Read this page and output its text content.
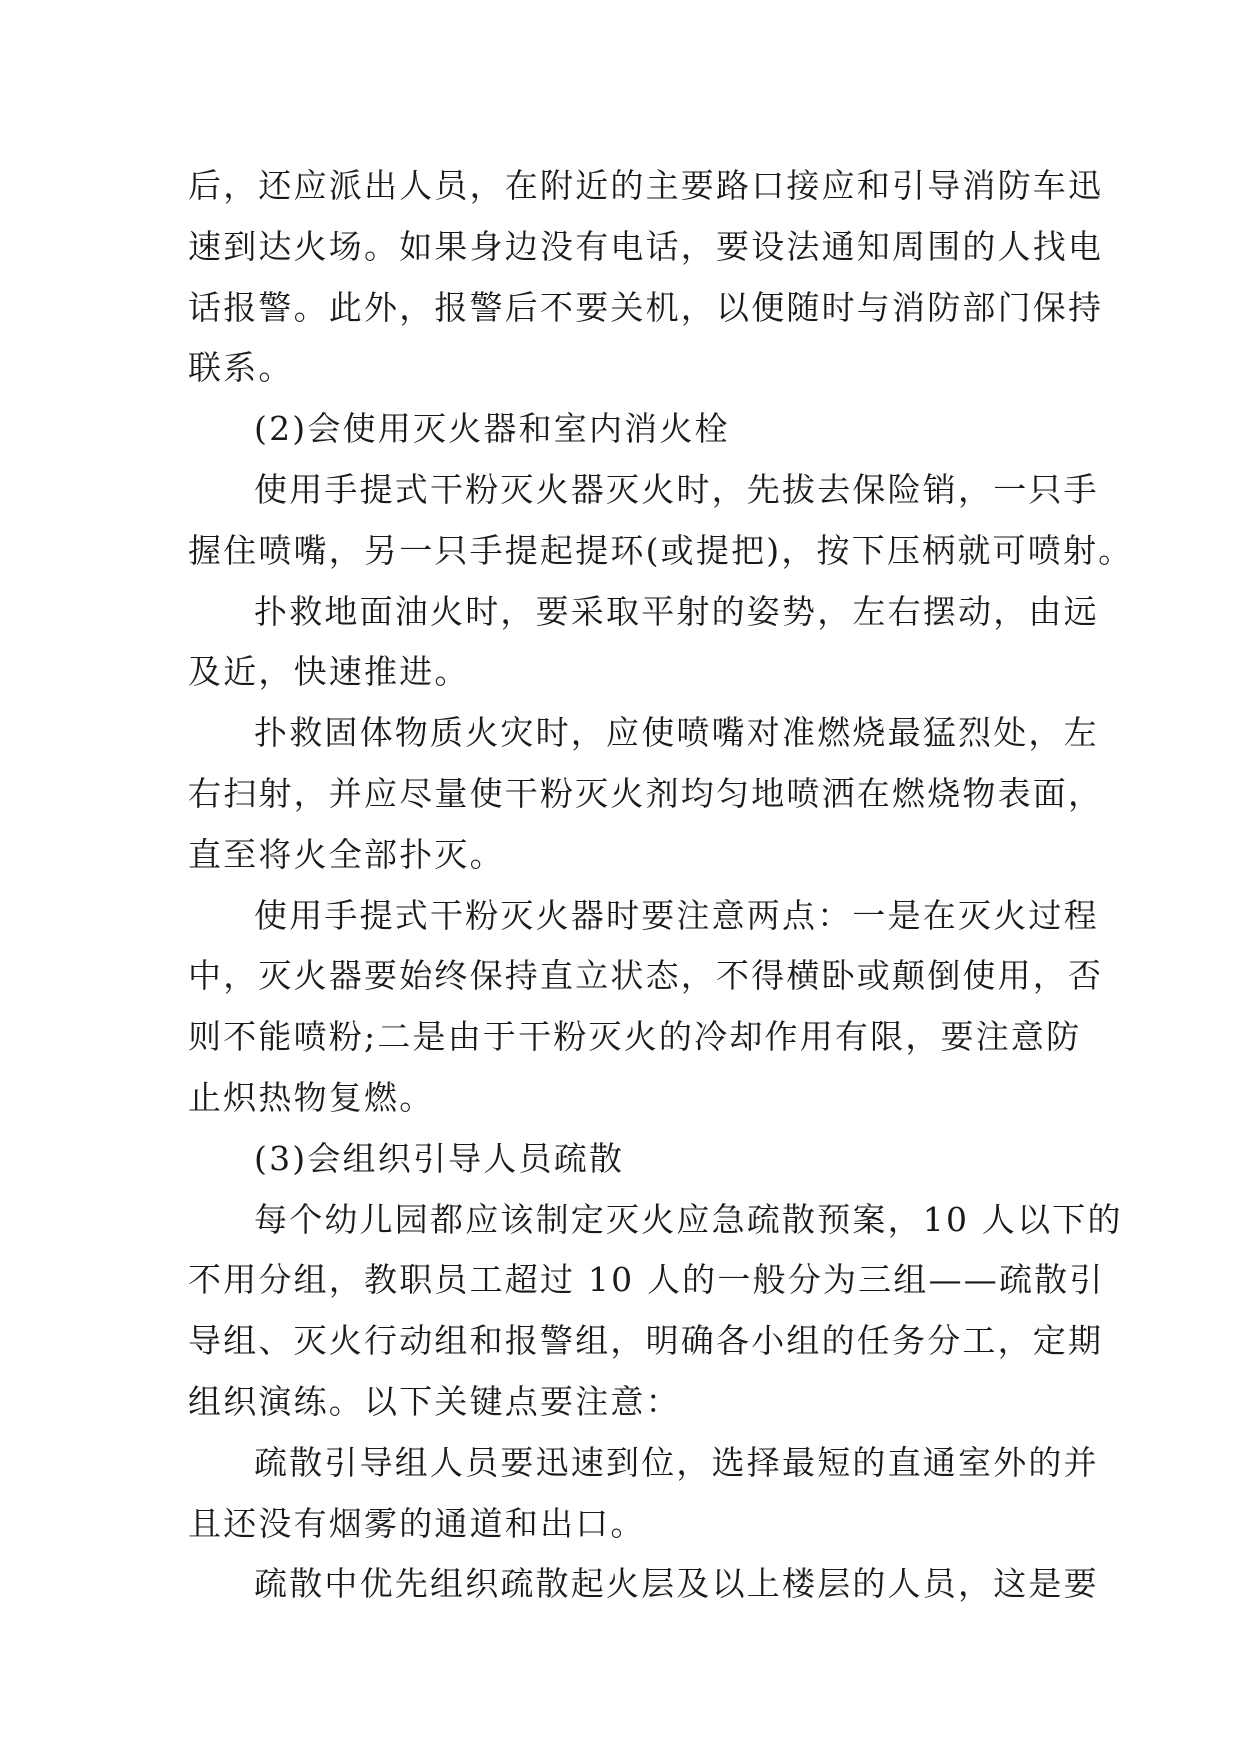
后，还应派出人员，在附近的主要路口接应和引导消防车迅
速到达火场。如果身边没有电话，要设法通知周围的人找电
话报警。此外，报警后不要关机，以便随时与消防部门保持
联系。
(2)会使用灭火器和室内消火栓
使用手提式干粉灭火器灭火时，先拔去保险销，一只手
握住喷嘴，另一只手提起提环(或提把)，按下压柄就可喷射。
扑救地面油火时，要采取平射的姿势，左右摆动，由远
及近，快速推进。
扑救固体物质火灾时，应使喷嘴对准燃烧最猛烈处，左
右扫射，并应尽量使干粉灭火剂均匀地喷洒在燃烧物表面，
直至将火全部扑灭。
使用手提式干粉灭火器时要注意两点：一是在灭火过程
中，灭火器要始终保持直立状态，不得横卧或颠倒使用，否
则不能喷粉;二是由于干粉灭火的冷却作用有限，要注意防
止炽热物复燃。
(3)会组织引导人员疏散
每个幼儿园都应该制定灭火应急疏散预案，10 人以下的
不用分组，教职员工超过 10 人的一般分为三组——疏散引
导组、灭火行动组和报警组，明确各小组的任务分工，定期
组织演练。以下关键点要注意：
疏散引导组人员要迅速到位，选择最短的直通室外的并
且还没有烟雾的通道和出口。
疏散中优先组织疏散起火层及以上楼层的人员，这是要
